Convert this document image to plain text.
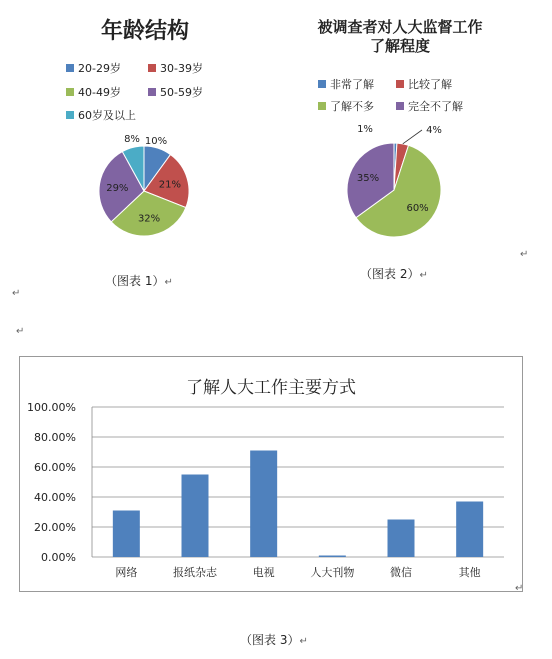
年龄结构
20-29岁	30-39岁
40-49岁	50-59岁
60岁及以上
10%
21%
32%
29%
8%
（图表 1）↵
↵
↵
被调查者对人大监督工作
了解程度
非常了解	比较了解
了解不多	完全不了解
1%	4%
60%
35%
（图表 2）↵
↵
了解人大工作主要方式
100.00%
80.00%
60.00%
40.00%
20.00%
0.00%
网络	报纸杂志	电视	人大刊物	微信	其他
↵
（图表 3）↵
